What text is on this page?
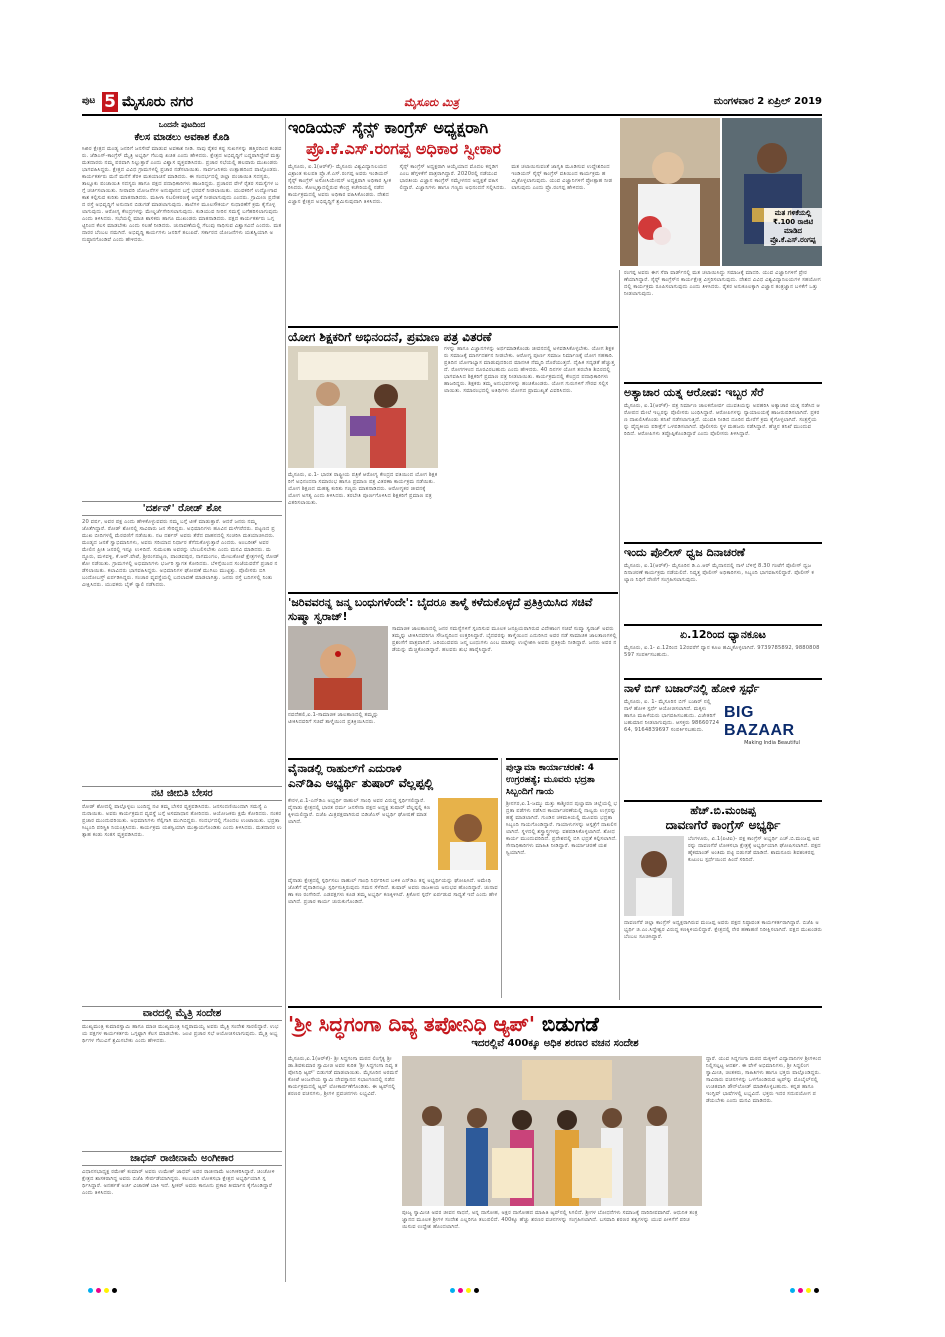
ಪುಟ 5 ಮೈಸೂರು ನಗರ	ಮೈಸೂರು ಮಿತ್ರ	ಮಂಗಳವಾರ 2 ಏಪ್ರಿಲ್ 2019
ಒಂದನೇ ಪುಟದಿಂದ
ಕೆಲಸ ಮಾಡಲು ಅವಕಾಶ ಕೊಡಿ
ಸಿಖಿರ ಕ್ಷೇತ್ರದ ಮಂಡ್ಯ ಜನರಿಗೆ ಜನಸೇವೆ ಮಾಡುವ ಅವಕಾಶ ನೀಡಿ. ನಾವು ರೈತರ ಕಷ್ಟ ಸುಖಗಳನ್ನು ಹತ್ತಿರದಿಂದ ಕಂಡವರು. ಜೆಡಿಎಸ್-ಕಾಂಗ್ರೆಸ್ ಮೈತ್ರಿ ಅಭ್ಯರ್ಥಿ ಗೆಲುವು ಖಚಿತ ಎಂದು ಹೇಳಿದರು. ಕ್ಷೇತ್ರದ ಅಭಿವೃದ್ಧಿಗೆ ಬದ್ಧರಾಗಿದ್ದೇವೆ ಮತ್ತು ಮತದಾರರು ನಮ್ಮ ಪರವಾಗಿ ನಿಲ್ಲುತ್ತಾರೆ ಎಂದು ವಿಶ್ವಾಸ ವ್ಯಕ್ತಪಡಿಸಿದರು. ಪ್ರಚಾರ ಸಭೆಯಲ್ಲಿ ಹಲವಾರು ಮುಖಂಡರು ಭಾಗವಹಿಸಿದ್ದರು. ಕ್ಷೇತ್ರದ ವಿವಿಧ ಗ್ರಾಮಗಳಲ್ಲಿ ಪ್ರಚಾರ ನಡೆಸಲಾಯಿತು. ಸಾರ್ವಜನಿಕರು ಉತ್ಸಾಹದಿಂದ ಪಾಲ್ಗೊಂಡರು. ಕಾರ್ಯಕರ್ತರು ಮನೆ ಮನೆಗೆ ತೆರಳಿ ಮತಯಾಚನೆ ಮಾಡಿದರು. ಈ ಸಂದರ್ಭದಲ್ಲಿ ಜಿಲ್ಲಾ ಪಂಚಾಯಿತಿ ಸದಸ್ಯರು, ತಾಲ್ಲೂಕು ಪಂಚಾಯಿತಿ ಸದಸ್ಯರು ಹಾಗೂ ಪಕ್ಷದ ಪದಾಧಿಕಾರಿಗಳು ಹಾಜರಿದ್ದರು. ಪ್ರಚಾರದ ವೇಳೆ ರೈತರ ಸಮಸ್ಯೆಗಳ ಬಗ್ಗೆ ಚರ್ಚಿಸಲಾಯಿತು. ನೀರಾವರಿ ಯೋಜನೆಗಳ ಅನುಷ್ಠಾನದ ಬಗ್ಗೆ ಭರವಸೆ ನೀಡಲಾಯಿತು. ಯುವಕರಿಗೆ ಉದ್ಯೋಗಾವಕಾಶ ಕಲ್ಪಿಸುವ ಕುರಿತು ಮಾತನಾಡಿದರು. ಮಹಿಳಾ ಸಬಲೀಕರಣಕ್ಕೆ ಆದ್ಯತೆ ನೀಡಲಾಗುವುದು ಎಂದರು. ಗ್ರಾಮೀಣ ಪ್ರದೇಶದ ರಸ್ತೆ ಅಭಿವೃದ್ಧಿಗೆ ಅನುದಾನ ಬಿಡುಗಡೆ ಮಾಡಲಾಗುವುದು. ಶಾಲೆಗಳ ಮೂಲಸೌಕರ್ಯ ಸುಧಾರಣೆಗೆ ಕ್ರಮ ಕೈಗೊಳ್ಳಲಾಗುವುದು. ಆರೋಗ್ಯ ಕೇಂದ್ರಗಳನ್ನು ಮೇಲ್ದರ್ಜೆಗೇರಿಸಲಾಗುವುದು. ಕುಡಿಯುವ ನೀರಿನ ಸಮಸ್ಯೆ ಬಗೆಹರಿಸಲಾಗುವುದು ಎಂದು ತಿಳಿಸಿದರು. ಸಭೆಯಲ್ಲಿ ಮಾಜಿ ಶಾಸಕರು ಹಾಗೂ ಮುಖಂಡರು ಮಾತನಾಡಿದರು. ಪಕ್ಷದ ಕಾರ್ಯಕರ್ತರು ಒಗ್ಗಟ್ಟಿನಿಂದ ಕೆಲಸ ಮಾಡಬೇಕು ಎಂದು ಸಲಹೆ ನೀಡಿದರು. ಚುನಾವಣೆಯಲ್ಲಿ ಗೆಲುವು ಸಾಧಿಸುವ ವಿಶ್ವಾಸವಿದೆ ಎಂದರು. ಮತದಾರರ ಬೆಂಬಲ ನಮಗಿದೆ. ಅಭಿವೃದ್ಧಿ ಕಾರ್ಯಗಳು ಜನರಿಗೆ ತಲುಪಿವೆ. ಸರ್ಕಾರದ ಯೋಜನೆಗಳು ಯಶಸ್ವಿಯಾಗಿ ಅನುಷ್ಠಾನಗೊಂಡಿವೆ ಎಂದು ಹೇಳಿದರು.
'ದರ್ಶನ್' ರೋಡ್ ಶೋ
20 ವರ್ಷ, ಅವರ ಪಕ್ಷ ಎಂದು ಹೇಳಿಕೊಳ್ಳುವವರು ನಮ್ಮ ಬಗ್ಗೆ ಟೀಕೆ ಮಾಡುತ್ತಾರೆ. ಆದರೆ ಜನರು ನಮ್ಮ ಜೊತೆಗಿದ್ದಾರೆ. ರೋಡ್ ಶೋನಲ್ಲಿ ಸಾವಿರಾರು ಜನ ಸೇರಿದ್ದರು. ಅಭಿಮಾನಿಗಳು ಹೂವಿನ ಮಳೆಗರೆದರು. ಪಟ್ಟಣದ ಪ್ರಮುಖ ಬೀದಿಗಳಲ್ಲಿ ಮೆರವಣಿಗೆ ನಡೆಯಿತು. ನಟ ದರ್ಶನ್ ಅವರು ತೆರೆದ ವಾಹನದಲ್ಲಿ ಸಂಚರಿಸಿ ಮತಯಾಚಿಸಿದರು. ಮಂಡ್ಯದ ಜನತೆ ಸ್ವಾಭಿಮಾನಿಗಳು, ಅವರು ಸರಿಯಾದ ನಿರ್ಧಾರ ತೆಗೆದುಕೊಳ್ಳುತ್ತಾರೆ ಎಂದರು. ಅಂಬರೀಶ್ ಅವರ ಮೇಲಿನ ಪ್ರೀತಿ ಜನರಲ್ಲಿ ಇನ್ನೂ ಉಳಿದಿದೆ. ಸುಮಲತಾ ಅವರನ್ನು ಬೆಂಬಲಿಸಬೇಕು ಎಂದು ಮನವಿ ಮಾಡಿದರು. ಮದ್ದೂರು, ಮಳವಳ್ಳಿ, ಕೆ.ಆರ್.ಪೇಟೆ, ಶ್ರೀರಂಗಪಟ್ಟಣ, ಪಾಂಡವಪುರ, ನಾಗಮಂಗಲ, ಮೇಲುಕೋಟೆ ಕ್ಷೇತ್ರಗಳಲ್ಲಿ ರೋಡ್ ಶೋ ನಡೆಯಿತು. ಗ್ರಾಮಗಳಲ್ಲಿ ಅಭಿಮಾನಿಗಳು ಭರ್ಜರಿ ಸ್ವಾಗತ ಕೋರಿದರು. ಬೆಳಿಗ್ಗೆಯಿಂದ ಸಂಜೆಯವರೆಗೆ ಪ್ರಚಾರ ನಡೆಸಲಾಯಿತು. ಕಲಾವಿದರು ಭಾಗವಹಿಸಿದ್ದರು. ಅಭಿಮಾನಿಗಳ ಘೋಷಣೆ ಮುಗಿಲು ಮುಟ್ಟಿತ್ತು. ಪೊಲೀಸರು ಬಿಗಿ ಬಂದೋಬಸ್ತ್ ಏರ್ಪಡಿಸಿದ್ದರು. ಸಂಚಾರ ವ್ಯವಸ್ಥೆಯಲ್ಲಿ ಬದಲಾವಣೆ ಮಾಡಲಾಗಿತ್ತು. ಜನರು ರಸ್ತೆ ಬದಿಗಳಲ್ಲಿ ನಿಂತು ವೀಕ್ಷಿಸಿದರು. ಯುವಕರು ಬೈಕ್ ರ‍್ಯಾಲಿ ನಡೆಸಿದರು.
ನಟಿ ಜೀಬಿತಿ ಬೇಸರ
ರೋಡ್ ಶೋದಲ್ಲಿ ಪಾಲ್ಗೊಳ್ಳಲು ಬಂದಿದ್ದ ನಟಿ ತಮ್ಮ ಬೇಸರ ವ್ಯಕ್ತಪಡಿಸಿದರು. ಜನಸಂದಣಿಯಿಂದಾಗಿ ಸಮಸ್ಯೆ ಎದುರಾಯಿತು. ಅವರು ಕಾರ್ಯಕ್ರಮದ ವ್ಯವಸ್ಥೆ ಬಗ್ಗೆ ಅಸಮಾಧಾನ ತೋರಿದರು. ಆಯೋಜಕರು ಕ್ಷಮೆ ಕೋರಿದರು. ನಂತರ ಪ್ರಚಾರ ಮುಂದುವರಿಯಿತು. ಅಭಿಮಾನಿಗಳು ಸೆಲ್ಫಿಗಾಗಿ ಮುಗಿಬಿದ್ದರು. ಸಂದರ್ಭದಲ್ಲಿ ಗೊಂದಲ ಉಂಟಾಯಿತು. ಭದ್ರತಾ ಸಿಬ್ಬಂದಿ ಪರಿಸ್ಥಿತಿ ನಿಯಂತ್ರಿಸಿದರು. ಕಾರ್ಯಕ್ರಮ ಯಶಸ್ವಿಯಾಗಿ ಮುಕ್ತಾಯಗೊಂಡಿತು ಎಂದು ತಿಳಿಸಿದರು. ಮತದಾರರ ಉತ್ಸಾಹ ಕಂಡು ಸಂತಸ ವ್ಯಕ್ತಪಡಿಸಿದರು.
ವಾರದಲ್ಲಿ ಮೈತ್ರಿ ಸಂದೇಶ
ಮುಖ್ಯಮಂತ್ರಿ ಕುಮಾರಸ್ವಾಮಿ ಹಾಗೂ ಮಾಜಿ ಮುಖ್ಯಮಂತ್ರಿ ಸಿದ್ದರಾಮಯ್ಯ ಅವರು ಮೈತ್ರಿ ಸಂದೇಶ ಸಾರಲಿದ್ದಾರೆ. ಉಭಯ ಪಕ್ಷಗಳ ಕಾರ್ಯಕರ್ತರು ಒಗ್ಗಟ್ಟಾಗಿ ಕೆಲಸ ಮಾಡಬೇಕು. ಜಂಟಿ ಪ್ರಚಾರ ಸಭೆ ಆಯೋಜಿಸಲಾಗುವುದು. ಮೈತ್ರಿ ಅಭ್ಯರ್ಥಿಗಳ ಗೆಲುವಿಗೆ ಶ್ರಮಿಸಬೇಕು ಎಂದು ಹೇಳಿದರು.
ಜಾಧವ್ ರಾಜೀನಾಮೆ ಅಂಗೀಕಾರ
ವಿಧಾನಸಭಾಧ್ಯಕ್ಷ ರಮೇಶ್ ಕುಮಾರ್ ಅವರು ಉಮೇಶ್ ಜಾಧವ್ ಅವರ ರಾಜೀನಾಮೆ ಅಂಗೀಕರಿಸಿದ್ದಾರೆ. ಚಿಂಚೋಳಿ ಕ್ಷೇತ್ರದ ಶಾಸಕರಾಗಿದ್ದ ಅವರು ಬಿಜೆಪಿ ಸೇರ್ಪಡೆಯಾಗಿದ್ದರು. ಕಲಬುರಗಿ ಲೋಕಸಭಾ ಕ್ಷೇತ್ರದ ಅಭ್ಯರ್ಥಿಯಾಗಿ ಸ್ಪರ್ಧಿಸಿದ್ದಾರೆ. ಅನರ್ಹತೆ ಅರ್ಜಿ ವಿಚಾರಣೆ ಬಾಕಿ ಇದೆ. ಸ್ಪೀಕರ್ ಅವರು ಕಾನೂನು ಪ್ರಕಾರ ತೀರ್ಮಾನ ಕೈಗೊಂಡಿದ್ದಾರೆ ಎಂದು ತಿಳಿಸಿದರು.
ಇಂಡಿಯನ್ ಸೈನ್ಸ್ ಕಾಂಗ್ರೆಸ್ ಅಧ್ಯಕ್ಷರಾಗಿ
ಪ್ರೊ.ಕೆ.ಎಸ್.ರಂಗಪ್ಪ ಅಧಿಕಾರ ಸ್ವೀಕಾರ
ಮೈಸೂರು, ಏ.1(ಆರ್‌ಕೆ)- ಮೈಸೂರು ವಿಶ್ವವಿದ್ಯಾನಿಲಯದ ವಿಶ್ರಾಂತ ಕುಲಪತಿ ಪ್ರೊ.ಕೆ.ಎಸ್.ರಂಗಪ್ಪ ಅವರು ಇಂಡಿಯನ್ ಸೈನ್ಸ್ ಕಾಂಗ್ರೆಸ್ ಅಸೋಸಿಯೇಷನ್ ಅಧ್ಯಕ್ಷರಾಗಿ ಅಧಿಕಾರ ಸ್ವೀಕರಿಸಿದರು. ಕೋಲ್ಕತ್ತಾದಲ್ಲಿರುವ ಕೇಂದ್ರ ಕಚೇರಿಯಲ್ಲಿ ನಡೆದ ಕಾರ್ಯಕ್ರಮದಲ್ಲಿ ಅವರು ಅಧಿಕಾರ ವಹಿಸಿಕೊಂಡರು. ದೇಶದ ವಿಜ್ಞಾನ ಕ್ಷೇತ್ರದ ಅಭಿವೃದ್ಧಿಗೆ ಶ್ರಮಿಸುವುದಾಗಿ ತಿಳಿಸಿದರು.
ಸೈನ್ಸ್ ಕಾಂಗ್ರೆಸ್ ಅಧ್ಯಕ್ಷರಾಗಿ ಆಯ್ಕೆಯಾದ ಮೊದಲ ಕನ್ನಡಿಗ ಎಂಬ ಹೆಗ್ಗಳಿಕೆಗೆ ಪಾತ್ರರಾಗಿದ್ದಾರೆ. 2020ರಲ್ಲಿ ನಡೆಯುವ ಭಾರತೀಯ ವಿಜ್ಞಾನ ಕಾಂಗ್ರೆಸ್ ಸಮ್ಮೇಳನದ ಅಧ್ಯಕ್ಷತೆ ವಹಿಸಲಿದ್ದಾರೆ. ವಿಜ್ಞಾನಿಗಳು ಹಾಗೂ ಗಣ್ಯರು ಅಭಿನಂದನೆ ಸಲ್ಲಿಸಿದರು.
ಮತ ಚಲಾಯಿಸುವಂತೆ ಜಾಗೃತಿ ಮೂಡಿಸುವ ಉದ್ದೇಶದಿಂದ ಇಂಡಿಯನ್ ಸೈನ್ಸ್ ಕಾಂಗ್ರೆಸ್ ವತಿಯಿಂದ ಕಾರ್ಯಕ್ರಮ ಹಮ್ಮಿಕೊಳ್ಳಲಾಗುವುದು. ಯುವ ವಿಜ್ಞಾನಿಗಳಿಗೆ ಪ್ರೋತ್ಸಾಹ ನೀಡಲಾಗುವುದು ಎಂದು ಪ್ರೊ.ರಂಗಪ್ಪ ಹೇಳಿದರು.
ಮತ ಗಳಿಕೆಯಲ್ಲಿ ₹.100 ರಾಜಿಟಿ ಮಾಡಿದ ಪ್ರೊ.ಕೆ.ಎಸ್.ರಂಗಪ್ಪ
ಯೋಗ ಶಿಕ್ಷಕರಿಗೆ ಅಭಿನಂದನೆ, ಪ್ರಮಾಣ ಪತ್ರ ವಿತರಣೆ
ಮೈಸೂರು, ಏ.1- ಭಾರತ ರಾಷ್ಟ್ರೀಯ ಪತ್ರಿಕೆ ಆರೋಗ್ಯ ಕೇಂದ್ರದ ವತಿಯಿಂದ ಯೋಗ ಶಿಕ್ಷಕರಿಗೆ ಅಭಿನಂದನಾ ಸಮಾರಂಭ ಹಾಗೂ ಪ್ರಮಾಣ ಪತ್ರ ವಿತರಣಾ ಕಾರ್ಯಕ್ರಮ ನಡೆಯಿತು. ಯೋಗ ಶಿಕ್ಷಣದ ಮಹತ್ವ ಕುರಿತು ಗಣ್ಯರು ಮಾತನಾಡಿದರು. ಆರೋಗ್ಯಕರ ಜೀವನಕ್ಕೆ ಯೋಗ ಅಗತ್ಯ ಎಂದು ತಿಳಿಸಿದರು. ತರಬೇತಿ ಪೂರ್ಣಗೊಳಿಸಿದ ಶಿಕ್ಷಕರಿಗೆ ಪ್ರಮಾಣ ಪತ್ರ ವಿತರಿಸಲಾಯಿತು.
ಗಳನ್ನು ಹಾಗೂ ವಿಜ್ಞಾನಗಳನ್ನು ಅರ್ಥಮಾಡಿಕೊಂಡು ಜೀವನದಲ್ಲಿ ಅಳವಡಿಸಿಕೊಳ್ಳಬೇಕು. ಯೋಗ ಶಿಕ್ಷಕರು ಸಮಾಜಕ್ಕೆ ಮಾರ್ಗದರ್ಶನ ನೀಡಬೇಕು. ಆರೋಗ್ಯ ಪೂರ್ಣ ಸಮಾಜ ನಿರ್ಮಾಣಕ್ಕೆ ಯೋಗ ಸಹಕಾರಿ. ಪ್ರತಿದಿನ ಯೋಗಾಭ್ಯಾಸ ಮಾಡುವುದರಿಂದ ಮಾನಸಿಕ ನೆಮ್ಮದಿ ದೊರೆಯುತ್ತದೆ. ದೈಹಿಕ ಸದೃಢತೆ ಹೆಚ್ಚುತ್ತದೆ. ರೋಗಗಳಿಂದ ದೂರವಿರಬಹುದು ಎಂದು ಹೇಳಿದರು. 40 ದಿನಗಳ ಯೋಗ ತರಬೇತಿ ಶಿಬಿರದಲ್ಲಿ ಭಾಗವಹಿಸಿದ ಶಿಕ್ಷಕರಿಗೆ ಪ್ರಮಾಣ ಪತ್ರ ನೀಡಲಾಯಿತು. ಕಾರ್ಯಕ್ರಮದಲ್ಲಿ ಕೇಂದ್ರದ ಪದಾಧಿಕಾರಿಗಳು ಹಾಜರಿದ್ದರು. ಶಿಕ್ಷಕರು ತಮ್ಮ ಅನುಭವಗಳನ್ನು ಹಂಚಿಕೊಂಡರು. ಯೋಗ ಗುರುಗಳಿಗೆ ಗೌರವ ಸಲ್ಲಿಸಲಾಯಿತು. ಸಮಾರಂಭದಲ್ಲಿ ಅತಿಥಿಗಳು ಯೋಗದ ಪ್ರಾಮುಖ್ಯತೆ ವಿವರಿಸಿದರು.
'ಜರಿವವರನ್ನ ಜನ್ಮ ಬಂಧುಗಳೆಂದೇ': ಬೈದರೂ ತಾಳ್ಮೆ ಕಳೆದುಕೊಳ್ಳದೆ ಪ್ರತಿಕ್ರಿಯಿಸಿದ ಸಚಿವೆ ಸುಷ್ಮಾ ಸ್ವರಾಜ್!
ನವದೆಹಲಿ,ಏ.1-ಸಾಮಾಜಿಕ ಜಾಲತಾಣದಲ್ಲಿ ತಮ್ಮನ್ನು ಟೀಕಿಸಿದವರಿಗೆ ಸಚಿವೆ ತಾಳ್ಮೆಯಿಂದ ಪ್ರತಿಕ್ರಿಯಿಸಿದರು.
ಸಾಮಾಜಿಕ ಜಾಲತಾಣದಲ್ಲಿ ಜನರ ಸಮಸ್ಯೆಗಳಿಗೆ ಸ್ಪಂದಿಸುವ ಮೂಲಕ ಜನಪ್ರಿಯರಾಗಿರುವ ವಿದೇಶಾಂಗ ಸಚಿವೆ ಸುಷ್ಮಾ ಸ್ವರಾಜ್ ಅವರು ತಮ್ಮನ್ನು ಟೀಕಿಸಿದವರಿಗೂ ಸೌಜನ್ಯದಿಂದ ಉತ್ತರಿಸಿದ್ದಾರೆ. ಬೈದವರನ್ನು ತಾಳ್ಮೆಯಿಂದ ಎದುರಿಸಿದ ಅವರ ನಡೆ ಸಾಮಾಜಿಕ ಜಾಲತಾಣಗಳಲ್ಲಿ ಪ್ರಶಂಸೆಗೆ ಪಾತ್ರವಾಗಿದೆ. ಜರಿಯುವವರು ಜನ್ಮ ಬಂಧುಗಳು ಎಂಬ ಮಾತನ್ನು ಉಲ್ಲೇಖಿಸಿ ಅವರು ಪ್ರತಿಕ್ರಿಯೆ ನೀಡಿದ್ದಾರೆ. ಜನರು ಅವರ ನಡೆಯನ್ನು ಮೆಚ್ಚಿಕೊಂಡಿದ್ದಾರೆ. ಹಲವರು ಶುಭ ಹಾರೈಸಿದ್ದಾರೆ.
ವೈನಾಡಲ್ಲಿ ರಾಹುಲ್‌ಗೆ ಎದುರಾಳಿ
ಎನ್‌ಡಿಎ ಅಭ್ಯರ್ಥಿ ತುಷಾರ್ ವೆಲ್ಲಪ್ಪಲ್ಲಿ
ಕೇರಳ,ಏ.1-ಎನ್‌ಡಿಎ ಅಭ್ಯರ್ಥಿ ರಾಹುಲ್ ಗಾಂಧಿ ಅವರ ವಿರುದ್ಧ ಸ್ಪರ್ಧಿಸಲಿದ್ದಾರೆ. ವೈನಾಡು ಕ್ಷೇತ್ರದಲ್ಲಿ ಭಾರತ ಧರ್ಮ ಜನಸೇನಾ ಪಕ್ಷದ ಅಧ್ಯಕ್ಷ ತುಷಾರ್ ವೆಲ್ಲಪ್ಪಲ್ಲಿ ಕಣಕ್ಕಿಳಿಯಲಿದ್ದಾರೆ. ಬಿಜೆಪಿ ಮಿತ್ರಪಕ್ಷವಾಗಿರುವ ಬಿಡಿಜೆಎಸ್ ಅಭ್ಯರ್ಥಿ ಘೋಷಣೆ ಮಾಡಲಾಗಿದೆ.
ವೈನಾಡು ಕ್ಷೇತ್ರದಲ್ಲಿ ಸ್ಪರ್ಧಿಸಲು ರಾಹುಲ್ ಗಾಂಧಿ ನಿರ್ಧರಿಸಿದ ಬಳಿಕ ಎನ್‌ಡಿಎ ತನ್ನ ಅಭ್ಯರ್ಥಿಯನ್ನು ಘೋಷಿಸಿದೆ. ಅಮೇಥಿ ಜೊತೆಗೆ ವೈನಾಡಿನಲ್ಲೂ ಸ್ಪರ್ಧಿಸುತ್ತಿರುವುದು ಗಮನ ಸೆಳೆದಿದೆ. ತುಷಾರ್ ಅವರು ರಾಜಕೀಯ ಅನುಭವ ಹೊಂದಿದ್ದಾರೆ. ಚುನಾವಣಾ ಕಣ ರಂಗೇರಿದೆ. ಎಡಪಕ್ಷಗಳು ಕೂಡ ತಮ್ಮ ಅಭ್ಯರ್ಥಿ ಕಣಕ್ಕಿಳಿಸಿವೆ. ತ್ರಿಕೋನ ಸ್ಪರ್ಧೆ ಏರ್ಪಡುವ ಸಾಧ್ಯತೆ ಇದೆ ಎಂದು ಹೇಳಲಾಗಿದೆ. ಪ್ರಚಾರ ಕಾರ್ಯ ಚುರುಕುಗೊಂಡಿದೆ.
ಪುಲ್ವಾಮಾ ಕಾರ್ಯಾಚರಣೆ: 4 ಉಗ್ರರಹತ್ಯೆ; ಮೂವರು ಭದ್ರತಾ ಸಿಬ್ಬಂದಿಗೆ ಗಾಯ
ಶ್ರೀನಗರ,ಏ.1-ಜಮ್ಮು ಮತ್ತು ಕಾಶ್ಮೀರದ ಪುಲ್ವಾಮಾ ಜಿಲ್ಲೆಯಲ್ಲಿ ಭದ್ರತಾ ಪಡೆಗಳು ನಡೆಸಿದ ಕಾರ್ಯಾಚರಣೆಯಲ್ಲಿ ನಾಲ್ವರು ಉಗ್ರರನ್ನು ಹತ್ಯೆ ಮಾಡಲಾಗಿದೆ. ಗುಂಡಿನ ಚಕಮಕಿಯಲ್ಲಿ ಮೂವರು ಭದ್ರತಾ ಸಿಬ್ಬಂದಿ ಗಾಯಗೊಂಡಿದ್ದಾರೆ. ಗಾಯಾಳುಗಳನ್ನು ಆಸ್ಪತ್ರೆಗೆ ದಾಖಲಿಸಲಾಗಿದೆ. ಸ್ಥಳದಲ್ಲಿ ಶಸ್ತ್ರಾಸ್ತ್ರಗಳನ್ನು ವಶಪಡಿಸಿಕೊಳ್ಳಲಾಗಿದೆ. ಶೋಧ ಕಾರ್ಯ ಮುಂದುವರಿದಿದೆ. ಪ್ರದೇಶದಲ್ಲಿ ಬಿಗಿ ಭದ್ರತೆ ಕಲ್ಪಿಸಲಾಗಿದೆ. ಸೇನಾಧಿಕಾರಿಗಳು ಮಾಹಿತಿ ನೀಡಿದ್ದಾರೆ. ಕಾರ್ಯಾಚರಣೆ ಯಶಸ್ವಿಯಾಗಿದೆ.
ರಂಗಪ್ಪ ಅವರು ಈಗ ಸೆರಾ ವಾರ್ಡ್‌ನಲ್ಲಿ ಮತ ಚಲಾಯಿಸಿದ್ದು ಸಮಾಜಕ್ಕೆ ಮಾದರಿ. ಯುವ ವಿಜ್ಞಾನಿಗಳಿಗೆ ಪ್ರೇರಣೆಯಾಗಿದ್ದಾರೆ. ಸೈನ್ಸ್ ಕಾಂಗ್ರೆಸ್‌ನ ಕಾರ್ಯಕ್ಷೇತ್ರ ವಿಸ್ತರಿಸಲಾಗುವುದು. ದೇಶದ ವಿವಿಧ ವಿಶ್ವವಿದ್ಯಾನಿಲಯಗಳ ಸಹಯೋಗದಲ್ಲಿ ಕಾರ್ಯಕ್ರಮ ರೂಪಿಸಲಾಗುವುದು ಎಂದು ತಿಳಿಸಿದರು. ರೈತರ ಅನುಕೂಲಕ್ಕಾಗಿ ವಿಜ್ಞಾನ ತಂತ್ರಜ್ಞಾನ ಬಳಕೆಗೆ ಒತ್ತು ನೀಡಲಾಗುವುದು.
ಅತ್ಯಾಚಾರ ಯತ್ನ ಆರೋಪ: ಇಬ್ಬರ ಸೆರೆ
ಮೈಸೂರು, ಏ.1(ಆರ್‌ಕೆ)- ಪತ್ರ ನಿರ್ಮಾಣ ಚಾಲಕನೋರ್ವ ಯುವತಿಯನ್ನು ಅಪಹರಿಸಿ ಅತ್ಯಾಚಾರ ಯತ್ನ ನಡೆಸಿದ ಆರೋಪದ ಮೇಲೆ ಇಬ್ಬರನ್ನು ಪೊಲೀಸರು ಬಂಧಿಸಿದ್ದಾರೆ. ಆರೋಪಿಗಳನ್ನು ನ್ಯಾಯಾಲಯಕ್ಕೆ ಹಾಜರುಪಡಿಸಲಾಗಿದೆ. ಪ್ರಕರಣ ದಾಖಲಿಸಿಕೊಂಡು ತನಿಖೆ ನಡೆಸಲಾಗುತ್ತಿದೆ. ಯುವತಿ ನೀಡಿದ ದೂರಿನ ಮೇರೆಗೆ ಕ್ರಮ ಕೈಗೊಳ್ಳಲಾಗಿದೆ. ಸಂತ್ರಸ್ತೆಯನ್ನು ವೈದ್ಯಕೀಯ ಪರೀಕ್ಷೆಗೆ ಒಳಪಡಿಸಲಾಗಿದೆ. ಪೊಲೀಸರು ಸ್ಥಳ ಮಹಜರು ನಡೆಸಿದ್ದಾರೆ. ಹೆಚ್ಚಿನ ತನಿಖೆ ಮುಂದುವರಿದಿದೆ. ಆರೋಪಿಗಳು ತಪ್ಪೊಪ್ಪಿಕೊಂಡಿದ್ದಾರೆ ಎಂದು ಪೊಲೀಸರು ತಿಳಿಸಿದ್ದಾರೆ.
ಇಂದು ಪೊಲೀಸ್ ಧ್ವಜ ದಿನಾಚರಣೆ
ಮೈಸೂರು, ಏ.1(ಆರ್‌ಕೆ)- ಮೈಸೂರಿನ ಡಿ.ಎ.ಆರ್ ಮೈದಾನದಲ್ಲಿ ನಾಳೆ ಬೆಳಿಗ್ಗೆ 8.30 ಗಂಟೆಗೆ ಪೊಲೀಸ್ ಧ್ವಜ ದಿನಾಚರಣೆ ಕಾರ್ಯಕ್ರಮ ನಡೆಯಲಿದೆ. ನಿವೃತ್ತ ಪೊಲೀಸ್ ಅಧಿಕಾರಿಗಳು, ಸಿಬ್ಬಂದಿ ಭಾಗವಹಿಸಲಿದ್ದಾರೆ. ಪೊಲೀಸ್ ಕಲ್ಯಾಣ ನಿಧಿಗೆ ದೇಣಿಗೆ ಸಂಗ್ರಹಿಸಲಾಗುವುದು.
ಏ.12ರಿಂದ ಧ್ಯಾನಕೂಟ
ಮೈಸೂರು, ಏ.1- ಏ.12ರಿಂದ 12ರವರೆಗೆ ಧ್ಯಾನ ಕೂಟ ಹಮ್ಮಿಕೊಳ್ಳಲಾಗಿದೆ. 9739785892, 9880808597 ಸಂಪರ್ಕಿಸಬಹುದು.
ನಾಳೆ ಬಿಗ್ ಬಜಾರ್‌ನಲ್ಲಿ ಹೋಳಿ ಸ್ಪರ್ಧೆ
ಮೈಸೂರು, ಏ. 1- ಮೈಸೂರಿನ ಬಿಗ್ ಬಜಾರ್ ನಲ್ಲಿ ನಾಳೆ ಹೋಳಿ ಸ್ಪರ್ಧೆ ಆಯೋಜಿಸಲಾಗಿದೆ. ಮಕ್ಕಳು ಹಾಗೂ ಮಹಿಳೆಯರು ಭಾಗವಹಿಸಬಹುದು. ವಿಜೇತರಿಗೆ ಬಹುಮಾನ ನೀಡಲಾಗುವುದು. ಆಸಕ್ತರು 9866072464, 9164839697 ಸಂಪರ್ಕಿಸಬಹುದು.
BIG BAZAAR
Making India Beautiful
ಹೆಚ್.ಬಿ.ಮಂಜಪ್ಪ
ದಾವಣಗೆರೆ ಕಾಂಗ್ರೆಸ್ ಅಭ್ಯರ್ಥಿ
ಬೆಂಗಳೂರು, ಏ.1(ಪಿಟಿಐ)- ಪಕ್ಷ ಕಾಂಗ್ರೆಸ್ ಅಭ್ಯರ್ಥಿ ಎಚ್.ಬಿ.ಮಂಜಪ್ಪ ಅವರನ್ನು ದಾವಣಗೆರೆ ಲೋಕಸಭಾ ಕ್ಷೇತ್ರಕ್ಕೆ ಅಭ್ಯರ್ಥಿಯಾಗಿ ಘೋಷಿಸಲಾಗಿದೆ. ಪಕ್ಷದ ಹೈಕಮಾಂಡ್ ಅಂತಿಮ ಪಟ್ಟಿ ಬಿಡುಗಡೆ ಮಾಡಿದೆ. ಶಾಮನೂರು ಶಿವಶಂಕರಪ್ಪ ಕುಟುಂಬ ಸ್ಪರ್ಧೆಯಿಂದ ಹಿಂದೆ ಸರಿದಿದೆ.
ದಾವಣಗೆರೆ ಜಿಲ್ಲಾ ಕಾಂಗ್ರೆಸ್ ಅಧ್ಯಕ್ಷರಾಗಿರುವ ಮಂಜಪ್ಪ ಅವರು ಪಕ್ಷದ ನಿಷ್ಠಾವಂತ ಕಾರ್ಯಕರ್ತರಾಗಿದ್ದಾರೆ. ಬಿಜೆಪಿ ಅಭ್ಯರ್ಥಿ ಜಿ.ಎಂ.ಸಿದ್ದೇಶ್ವರ ವಿರುದ್ಧ ಕಣಕ್ಕಿಳಿಯಲಿದ್ದಾರೆ. ಕ್ಷೇತ್ರದಲ್ಲಿ ನೇರ ಹಣಾಹಣಿ ನಿರೀಕ್ಷಿಸಲಾಗಿದೆ. ಪಕ್ಷದ ಮುಖಂಡರು ಬೆಂಬಲ ಸೂಚಿಸಿದ್ದಾರೆ.
'ಶ್ರೀ ಸಿದ್ಧಗಂಗಾ ದಿವ್ಯ ತಪೋನಿಧಿ ಆ್ಯಪ್' ಬಿಡುಗಡೆ
ಇದರಲ್ಲಿವೆ 400ಕ್ಕೂ ಅಧಿಕ ಶರಣರ ವಚನ ಸಂದೇಶ
ಮೈಸೂರು,ಏ.1(ಆರ್‌ಕೆ)- ಶ್ರೀ ಸಿದ್ಧಗಂಗಾ ಮಠದ ಲಿಂಗೈಕ್ಯ ಶ್ರೀ ಡಾ.ಶಿವಕುಮಾರ ಸ್ವಾಮೀಜಿ ಅವರ ಕುರಿತ 'ಶ್ರೀ ಸಿದ್ಧಗಂಗಾ ದಿವ್ಯ ತಪೋನಿಧಿ ಆ್ಯಪ್' ಬಿಡುಗಡೆ ಮಾಡಲಾಯಿತು. ಮೈಸೂರಿನ ಅರಮನೆ ಕೋಟೆ ಆಂಜನೇಯ ಸ್ವಾಮಿ ದೇವಸ್ಥಾನದ ಸಭಾಂಗಣದಲ್ಲಿ ನಡೆದ ಕಾರ್ಯಕ್ರಮದಲ್ಲಿ ಆ್ಯಪ್ ಲೋಕಾರ್ಪಣೆಗೊಂಡಿತು. ಈ ಆ್ಯಪ್‌ನಲ್ಲಿ ಶರಣರ ವಚನಗಳು, ಶ್ರೀಗಳ ಪ್ರವಚನಗಳು ಲಭ್ಯವಿವೆ.
ದ್ದಾರೆ. ಯುವ ಸಿದ್ದಗಂಗಾ ಮಠದ ಮಕ್ಕಳಿಗೆ ವಿದ್ಯಾದಾನಿಗಳ ಶ್ರೀಗಳಿಂದ ನಿಲ್ಲಿಸಲ್ಪಟ್ಟ ಆದರ್ಶ. ಈ ವೇಳೆ ಅಭಿಮಾನಿಗಳು, ಶ್ರೀ ಸಿದ್ದಲಿಂಗ ಸ್ವಾಮೀಜಿ, ಚಿಂತಕರು, ಸಾಹಿತಿಗಳು ಹಾಗೂ ಭಕ್ತರು ಪಾಲ್ಗೊಂಡಿದ್ದರು. ಸಾವಿರಾರು ವಚನಗಳನ್ನು ಒಳಗೊಂಡಿರುವ ಆ್ಯಪ್‌ನ್ನು ಮೊಬೈಲ್‌ನಲ್ಲಿ ಉಚಿತವಾಗಿ ಡೌನ್‌ಲೋಡ್ ಮಾಡಿಕೊಳ್ಳಬಹುದು. ಕನ್ನಡ ಹಾಗೂ ಇಂಗ್ಲಿಷ್ ಭಾಷೆಗಳಲ್ಲಿ ಲಭ್ಯವಿದೆ. ಭಕ್ತರು ಇದರ ಸದುಪಯೋಗ ಪಡೆಯಬೇಕು ಎಂದು ಮನವಿ ಮಾಡಿದರು.
ಪೂಜ್ಯ ಸ್ವಾಮೀಜಿ ಅವರ ಜೀವನ ಸಾಧನೆ, ಅನ್ನ ದಾಸೋಹ, ಅಕ್ಷರ ದಾಸೋಹದ ಮಾಹಿತಿ ಆ್ಯಪ್‌ನಲ್ಲಿ ಸಿಗಲಿದೆ. ಶ್ರೀಗಳ ಬೋಧನೆಗಳು ಸಮಾಜಕ್ಕೆ ದಾರಿದೀಪವಾಗಿವೆ. ಆಧುನಿಕ ತಂತ್ರಜ್ಞಾನದ ಮೂಲಕ ಶ್ರೀಗಳ ಸಂದೇಶ ಎಲ್ಲರಿಗೂ ತಲುಪಲಿದೆ. 400ಕ್ಕೂ ಹೆಚ್ಚು ಶರಣರ ವಚನಗಳನ್ನು ಸಂಗ್ರಹಿಸಲಾಗಿದೆ. ಬಸವಾದಿ ಶರಣರ ತತ್ವಗಳನ್ನು ಯುವ ಪೀಳಿಗೆಗೆ ಪರಿಚಯಿಸುವ ಉದ್ದೇಶ ಹೊಂದಲಾಗಿದೆ.
